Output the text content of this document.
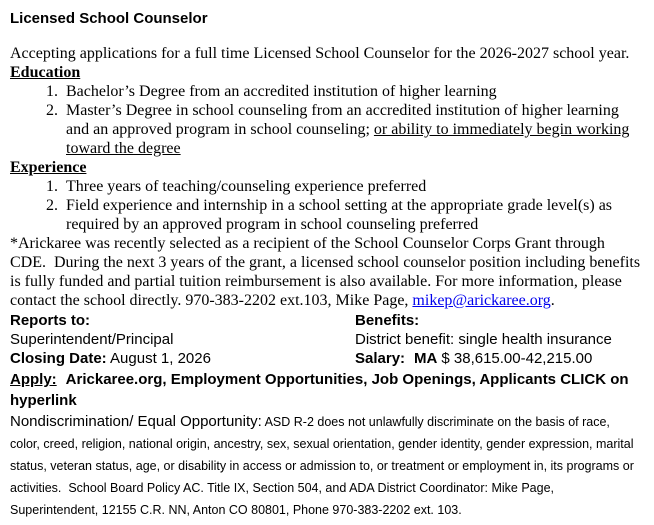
Licensed School Counselor

Accepting applications for a full time Licensed School Counselor for the 2026-2027 school year.

Education
1. Bachelor’s Degree from an accredited institution of higher learning
2. Master’s Degree in school counseling from an accredited institution of higher learning and an approved program in school counseling; or ability to immediately begin working toward the degree
Experience
1. Three years of teaching/counseling experience preferred
2. Field experience and internship in a school setting at the appropriate grade level(s) as required by an approved program in school counseling preferred

*Arickaree was recently selected as a recipient of the School Counselor Corps Grant through CDE.  During the next 3 years of the grant, a licensed school counselor position including benefits is fully funded and partial tuition reimbursement is also available. For more information, please contact the school directly. 970-383-2202 ext.103, Mike Page, mikep@arickaree.org.

Reports to:	Benefits:
Superintendent/Principal	District benefit: single health insurance
Closing Date: August 1, 2026	Salary: MA $ 38,615.00-42,215.00

Apply: Arickaree.org, Employment Opportunities, Job Openings, Applicants CLICK on hyperlink

Nondiscrimination/ Equal Opportunity: ASD R-2 does not unlawfully discriminate on the basis of race, color, creed, religion, national origin, ancestry, sex, sexual orientation, gender identity, gender expression, marital status, veteran status, age, or disability in access or admission to, or treatment or employment in, its programs or activities.  School Board Policy AC. Title IX, Section 504, and ADA District Coordinator: Mike Page, Superintendent, 12155 C.R. NN, Anton CO 80801, Phone 970-383-2202 ext. 103.
